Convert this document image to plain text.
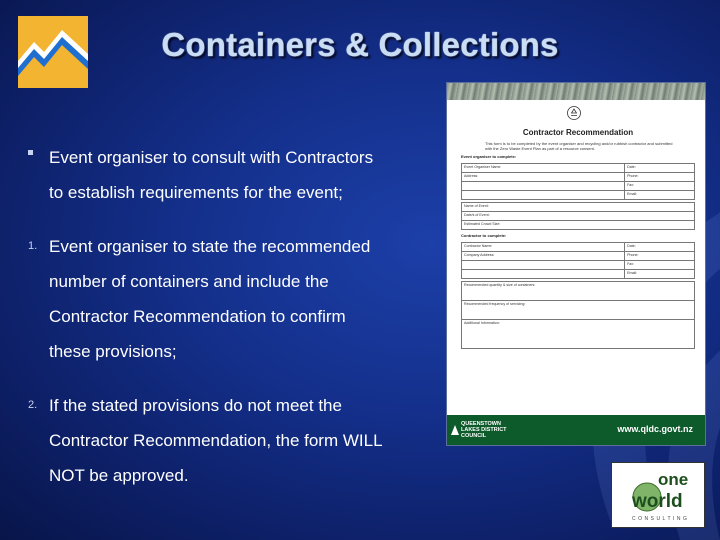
Containers & Collections
Event organiser to consult with Contractors
to establish requirements for the event;
1. Event organiser to state the recommended
number of containers and include the
Contractor Recommendation to confirm
these provisions;
2. If the stated provisions do not meet the
Contractor Recommendation, the form WILL
NOT be approved.
Contractor Recommendation
This form is to be completed by the event organiser and recycling and/or rubbish contractor and submitted with the Zero Waste Event Plan as part of a resource consent.
Event organiser to complete:
Event Organiser Name	Date:
Address:	Phone:
	Fax:
	Email:
Name of Event:
Date/s of Event:
Estimated Crowd Size:
Contractor to complete:
Contractor Name:	Date:
Company Address:	Phone:
	Fax:
	Email:
Recommended quantity & size of containers:
Recommended frequency of servicing:
Additional Information:
QUEENSTOWN
LAKES DISTRICT
COUNCIL
www.qldc.govt.nz
one
world
CONSULTING
